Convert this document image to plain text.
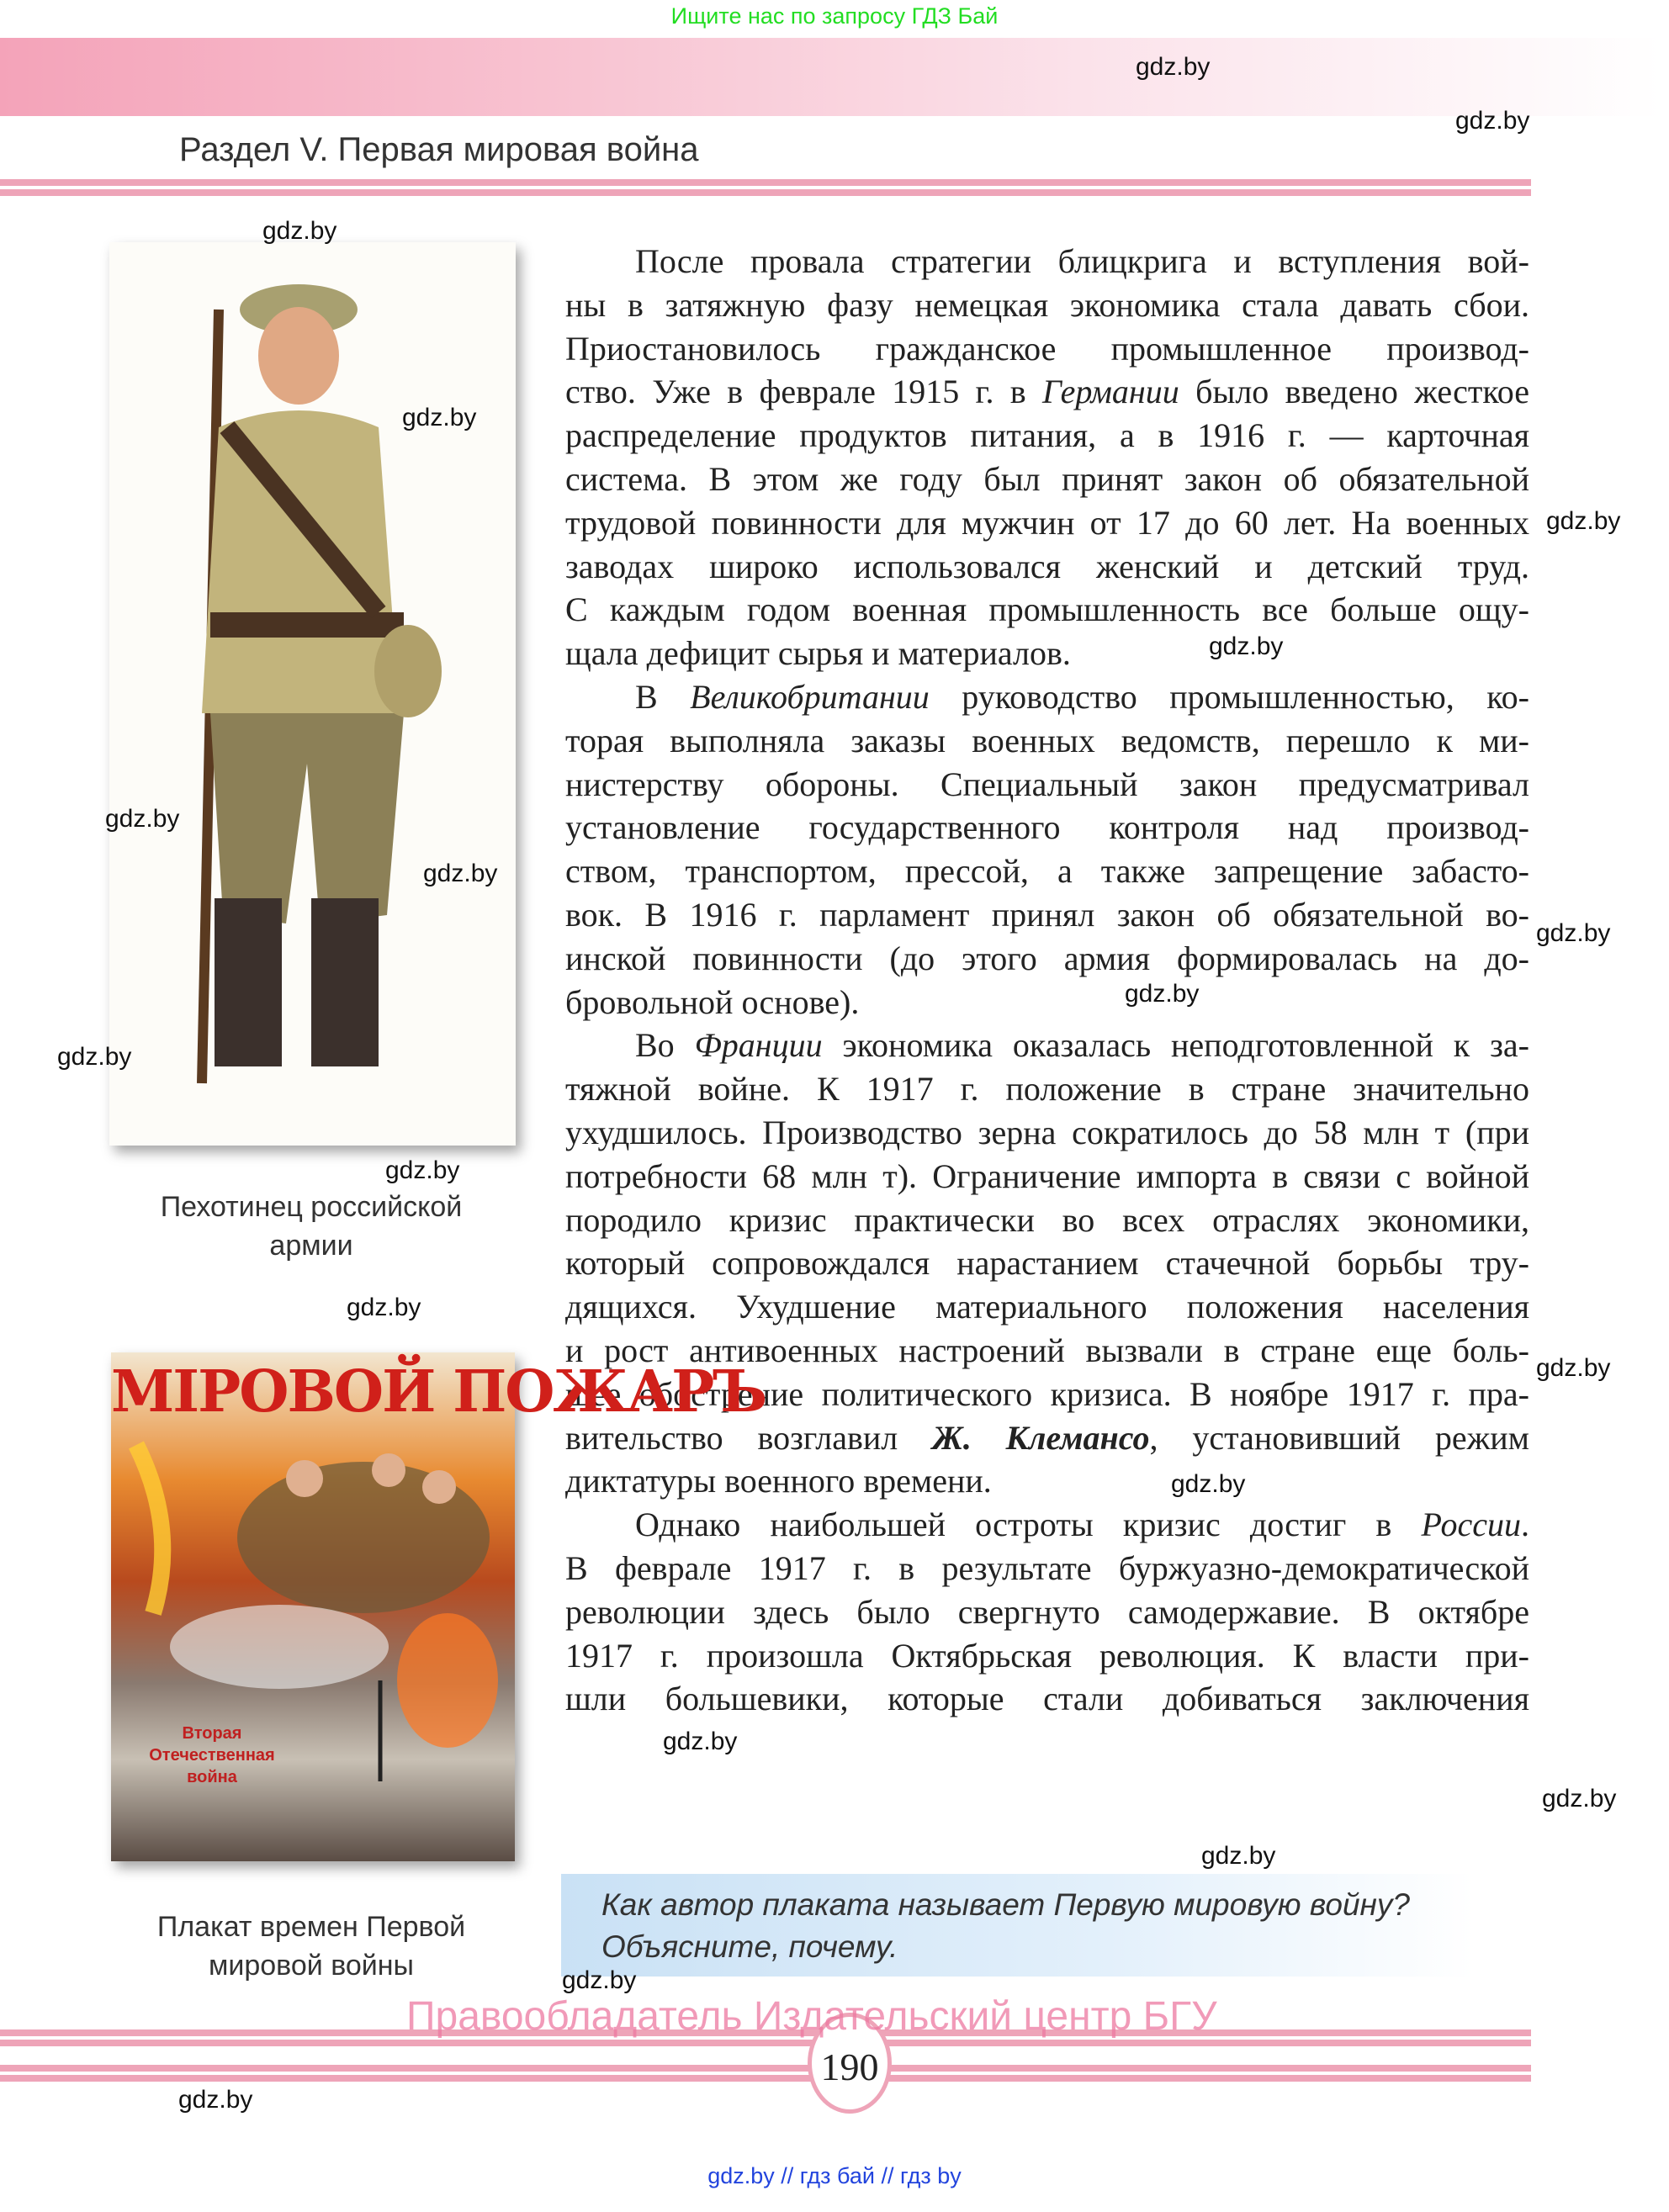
Ищите нас по запросу ГДЗ Бай
Раздел V. Первая мировая война
Пехотинец российской
армии
МIРОВОЙ ПОЖАРЪ
Вторая Отечественная война
Плакат времен Первой
мировой войны
После провала стратегии блицкрига и вступления вой-
ны в затяжную фазу немецкая экономика стала давать сбои.
Приостановилось гражданское промышленное производ-
ство. Уже в феврале 1915 г. в Германии было введено жесткое
распределение продуктов питания, а в 1916 г. — карточная
система. В этом же году был принят закон об обязательной
трудовой повинности для мужчин от 17 до 60 лет. На военных
заводах широко использовался женский и детский труд.
С каждым годом военная промышленность все больше ощу-
щала дефицит сырья и материалов.
В Великобритании руководство промышленностью, ко-
торая выполняла заказы военных ведомств, перешло к ми-
нистерству обороны. Специальный закон предусматривал
установление государственного контроля над производ-
ством, транспортом, прессой, а также запрещение забасто-
вок. В 1916 г. парламент принял закон об обязательной во-
инской повинности (до этого армия формировалась на до-
бровольной основе).
Во Франции экономика оказалась неподготовленной к за-
тяжной войне. К 1917 г. положение в стране значительно
ухудшилось. Производство зерна сократилось до 58 млн т (при
потребности 68 млн т). Ограничение импорта в связи с войной
породило кризис практически во всех отраслях экономики,
который сопровождался нарастанием стачечной борьбы тру-
дящихся. Ухудшение материального положения населения
и рост антивоенных настроений вызвали в стране еще боль-
шее обострение политического кризиса. В ноябре 1917 г. пра-
вительство возглавил Ж. Клемансо, установивший режим
диктатуры военного времени.
Однако наибольшей остроты кризис достиг в России.
В феврале 1917 г. в результате буржуазно-демократической
революции здесь было свергнуто самодержавие. В октябре
1917 г. произошла Октябрьская революция. К власти при-
шли большевики, которые стали добиваться заключения
Как автор плаката называет Первую мировую войну? Объясните, почему.
190
Правообладатель Издательский центр БГУ
gdz.by // гдз бай // гдз by
gdz.by
gdz.by
gdz.by
gdz.by
gdz.by
gdz.by
gdz.by
gdz.by
gdz.by
gdz.by
gdz.by
gdz.by
gdz.by
gdz.by
gdz.by
gdz.by
gdz.by
gdz.by
gdz.by
gdz.by
